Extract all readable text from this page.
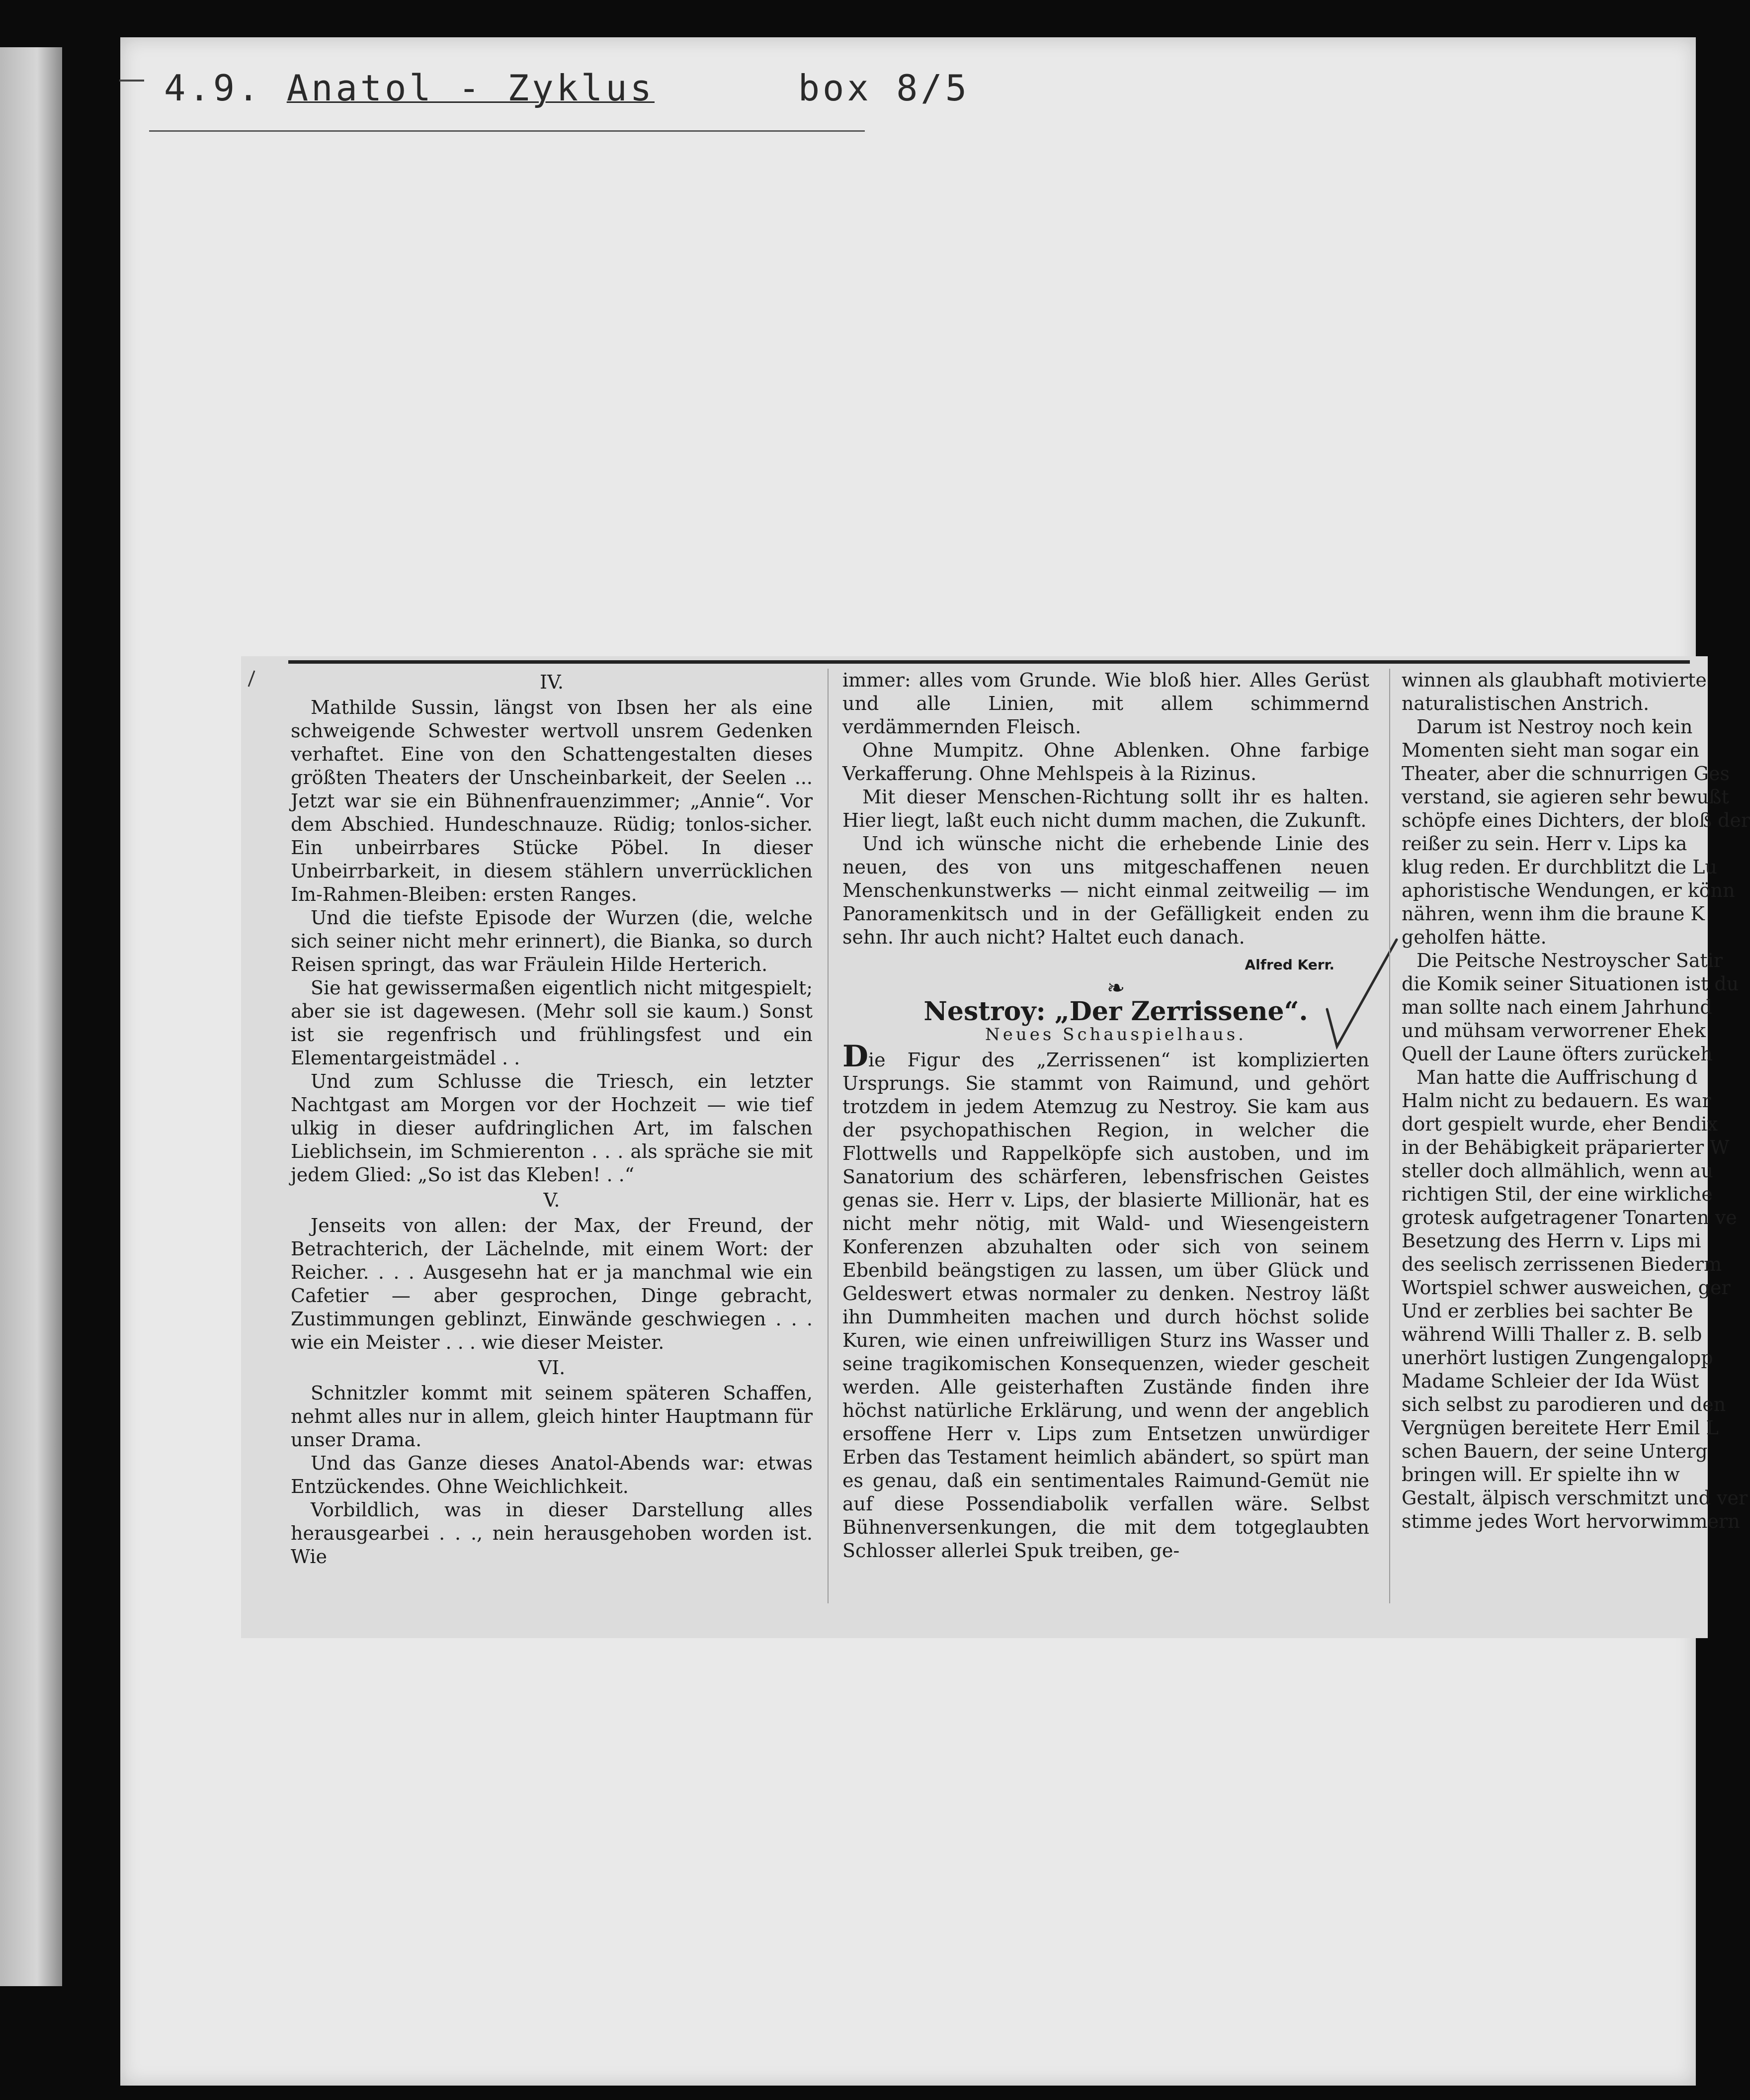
4.9. Anatol - Zyklus	box 8/5

IV.

Mathilde Sussin, längst von Ibsen her als eine schweigende Schwester wertvoll unsrem Gedenken verhaftet. Eine von den Schattengestalten dieses größten Theaters der Unscheinbarkeit, der Seelen ... Jetzt war sie ein Bühnenfrauenzimmer; „Annie“. Vor dem Abschied. Hundeschnauze. Rüdig; tonlos-sicher. Ein unbeirrbares Stücke Pöbel. In dieser Unbeirrbarkeit, in diesem stählern unverrücklichen Im-Rahmen-Bleiben: ersten Ranges.

Und die tiefste Episode der Wurzen (die, welche sich seiner nicht mehr erinnert), die Bianka, so durch Reisen springt, das war Fräulein Hilde Herterich.

Sie hat gewissermaßen eigentlich nicht mitgespielt; aber sie ist dagewesen. (Mehr soll sie kaum.) Sonst ist sie regenfrisch und frühlingsfest und ein Elementargeistmädel . .

Und zum Schlusse die Triesch, ein letzter Nachtgast am Morgen vor der Hochzeit — wie tief ulkig in dieser aufdringlichen Art, im falschen Lieblichsein, im Schmierenton . . . als spräche sie mit jedem Glied: „So ist das Kleben! . .“

V.

Jenseits von allen: der Max, der Freund, der Betrachterich, der Lächelnde, mit einem Wort: der Reicher. . . . Ausgesehn hat er ja manchmal wie ein Cafetier — aber gesprochen, Dinge gebracht, Zustimmungen geblinzt, Einwände geschwiegen . . . wie ein Meister . . . wie dieser Meister.

VI.

Schnitzler kommt mit seinem späteren Schaffen, nehmt alles nur in allem, gleich hinter Hauptmann für unser Drama.

Und das Ganze dieses Anatol-Abends war: etwas Entzückendes. Ohne Weichlichkeit.

Vorbildlich, was in dieser Darstellung alles herausgearbei . . ., nein herausgehoben worden ist. Wie

immer: alles vom Grunde. Wie bloß hier. Alles Gerüst und alle Linien, mit allem schimmernd verdämmernden Fleisch.

Ohne Mumpitz. Ohne Ablenken. Ohne farbige Verkafferung. Ohne Mehlspeis à la Rizinus.

Mit dieser Menschen-Richtung sollt ihr es halten. Hier liegt, laßt euch nicht dumm machen, die Zukunft.

Und ich wünsche nicht die erhebende Linie des neuen, des von uns mitgeschaffenen neuen Menschenkunstwerks — nicht einmal zeitweilig — im Panoramenkitsch und in der Gefälligkeit enden zu sehn. Ihr auch nicht? Haltet euch danach.

Alfred Kerr.

❧

Nestroy: „Der Zerrissene“.

Neues Schauspielhaus.

Die Figur des „Zerrissenen“ ist komplizierten Ursprungs. Sie stammt von Raimund, und gehört trotzdem in jedem Atemzug zu Nestroy. Sie kam aus der psychopathischen Region, in welcher die Flottwells und Rappelköpfe sich austoben, und im Sanatorium des schärferen, lebensfrischen Geistes genas sie. Herr v. Lips, der blasierte Millionär, hat es nicht mehr nötig, mit Wald- und Wiesengeistern Konferenzen abzuhalten oder sich von seinem Ebenbild beängstigen zu lassen, um über Glück und Geldeswert etwas normaler zu denken. Nestroy läßt ihn Dummheiten machen und durch höchst solide Kuren, wie einen unfreiwilligen Sturz ins Wasser und seine tragikomischen Konsequenzen, wieder gescheit werden. Alle geisterhaften Zustände finden ihre höchst natürliche Erklärung, und wenn der angeblich ersoffene Herr v. Lips zum Entsetzen unwürdiger Erben das Testament heimlich abändert, so spürt man es genau, daß ein sentimentales Raimund-Gemüt nie auf diese Possendiabolik verfallen wäre. Selbst Bühnenversenkungen, die mit dem totgeglaubten Schlosser allerlei Spuk treiben, ge-

winnen als glaubhaft motivierte

naturalistischen Anstrich.

Darum ist Nestroy noch kein

Momenten sieht man sogar ein

Theater, aber die schnurrigen Ges

verstand, sie agieren sehr bewußt

schöpfe eines Dichters, der bloß der

reißer zu sein. Herr v. Lips ka

klug reden. Er durchblitzt die Lu

aphoristische Wendungen, er könn

nähren, wenn ihm die braune K

geholfen hätte.

Die Peitsche Nestroyscher Satir

die Komik seiner Situationen ist du

man sollte nach einem Jahrhund

und mühsam verworrener Ehek

Quell der Laune öfters zurückeh

Man hatte die Auffrischung d

Halm nicht zu bedauern. Es war

dort gespielt wurde, eher Bendix

in der Behäbigkeit präparierter W

steller doch allmählich, wenn au

richtigen Stil, der eine wirkliche

grotesk aufgetragener Tonarten ve

Besetzung des Herrn v. Lips mi

des seelisch zerrissenen Biederm

Wortspiel schwer ausweichen, ger

Und er zerblies bei sachter Be

während Willi Thaller z. B. selb

unerhört lustigen Zungengalopp

Madame Schleier der Ida Wüst

sich selbst zu parodieren und den

Vergnügen bereitete Herr Emil L

schen Bauern, der seine Unterg

bringen will. Er spielte ihn w

Gestalt, älpisch verschmitzt und ver

stimme jedes Wort hervorwimmern
